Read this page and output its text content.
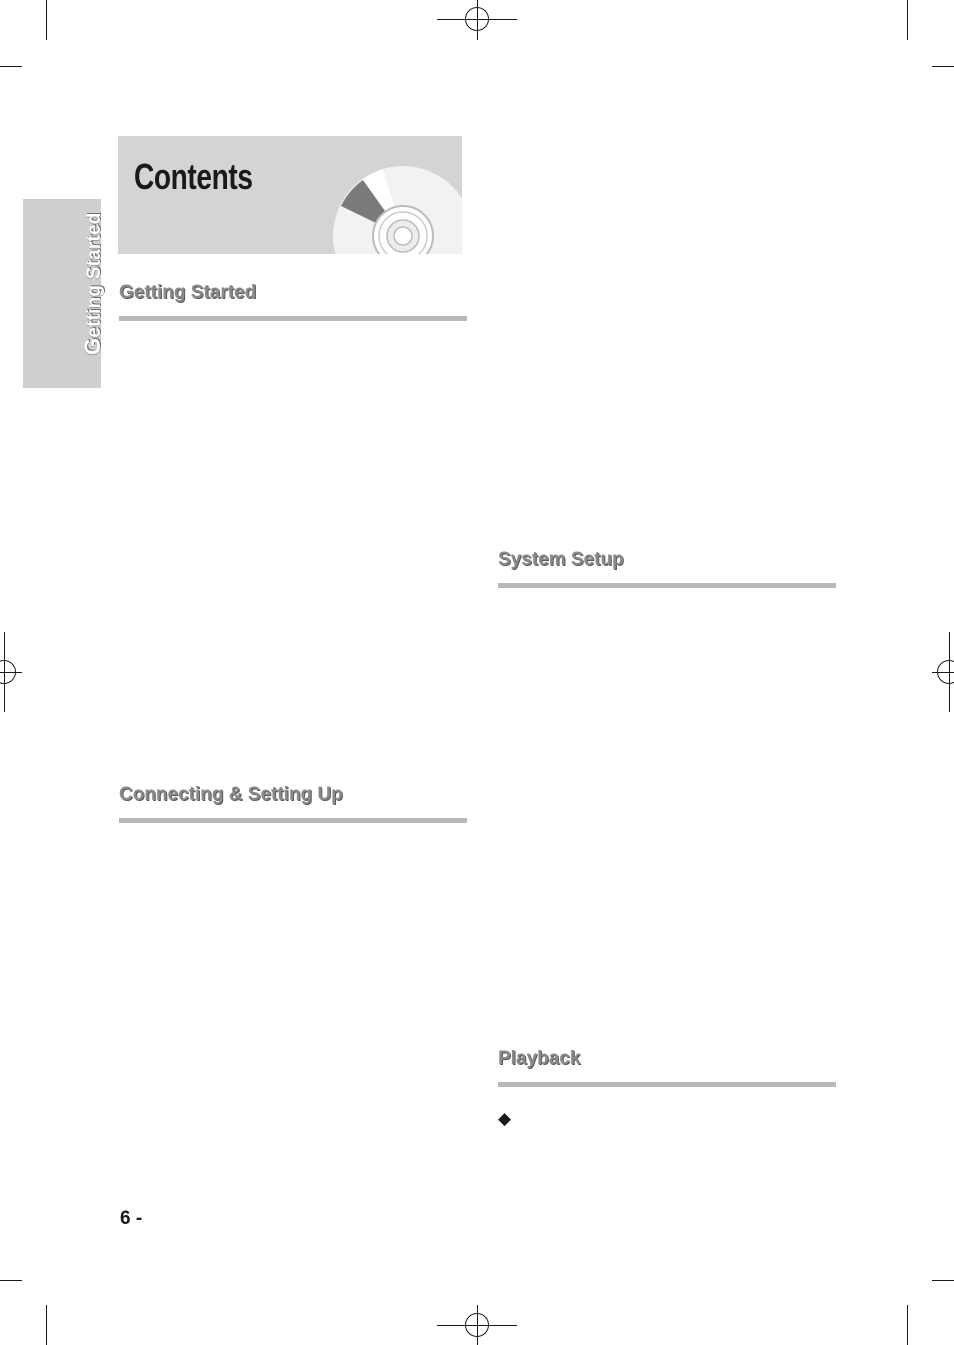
Getting Started
Contents
Getting Started
Connecting & Setting Up
System Setup
Playback
◆
6 -
